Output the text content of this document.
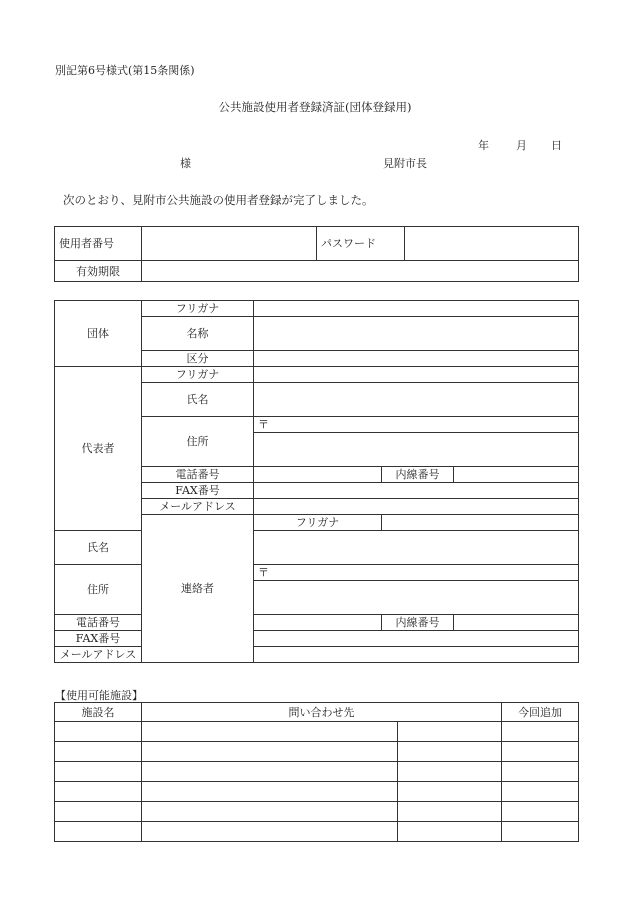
別記第6号様式(第15条関係)
公共施設使用者登録済証(団体登録用)
年 月 日
様	見附市長
次のとおり、見附市公共施設の使用者登録が完了しました。
使用者番号		パスワード	
有効期限			
団体	フリガナ			
	名称			
	区分			
代表者	フリガナ			
	氏名			
	住所	〒		

	電話番号		内線番号	
	FAX番号			
	メールアドレス			
	連絡者	フリガナ		
氏名				
住所		〒		

電話番号			内線番号	
FAX番号				
メールアドレス				
【使用可能施設】
施設名	問い合わせ先		今回追加
